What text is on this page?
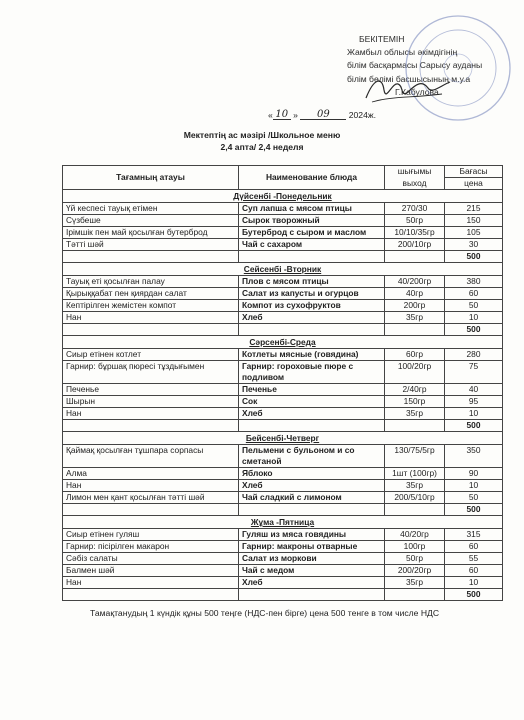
БЕКІТЕМІН
Жамбыл облысы әкімдігінің
білім басқармасы Сарысу ауданы
білім бөлімі басшысының м.у.а
Г.Кабулова
« 10 » 09 2024ж.
Мектептің ас мәзірі /Школьное меню
2,4 апта/ 2,4 неделя
Тағамның атауы	Наименование блюда	шығымы	Бағасы
		выход	цена
Дүйсенбі -Понедельник			
Үй кеспесі тауық етімен	Суп лапша с мясом птицы	270/30	215
Сүзбеше	Сырок творожный	50гр	150
Ірімшік пен май қосылған бутерброд	Бутерброд с сыром и маслом	10/10/35гр	105
Тәтті шәй	Чай с сахаром	200/10гр	30
			500
Сейсенбі -Вторник			
Тауық еті қосылған палау	Плов с мясом птицы	40/200гр	380
Қырыққабат пен қиярдан салат	Салат из капусты и огурцов	40гр	60
Кептірілген жемістен компот	Компот из сухофруктов	200гр	50
Нан	Хлеб	35гр	10
			500
Сәрсенбі-Среда			
Сиыр етінен котлет	Котлеты мясные (говядина)	60гр	280
Гарнир: бұршақ пюресі тұздығымен	Гарнир: гороховые пюре с подливом	100/20гр	75
Печенье	Печенье	2/40гр	40
Шырын	Сок	150гр	95
Нан	Хлеб	35гр	10
			500
Бейсенбі-Четверг			
Қаймақ қосылған тұшпара сорпасы	Пельмени с бульоном и со сметаной	130/75/5гр	350
Алма	Яблоко	1шт (100гр)	90
Нан	Хлеб	35гр	10
Лимон мен қант қосылған тәтті шәй	Чай сладкий с лимоном	200/5/10гр	50
			500
Жұма -Пятница			
Сиыр етінен гуляш	Гуляш из мяса говядины	40/20гр	315
Гарнир: пісірілген макарон	Гарнир: макроны отварные	100гр	60
Сәбіз салаты	Салат из моркови	50гр	55
Балмен шәй	Чай с медом	200/20гр	60
Нан	Хлеб	35гр	10
			500
Тамақтанудың 1 күндік құны 500 теңге (НДС-пен бірге) цена 500 тенге в том числе НДС
